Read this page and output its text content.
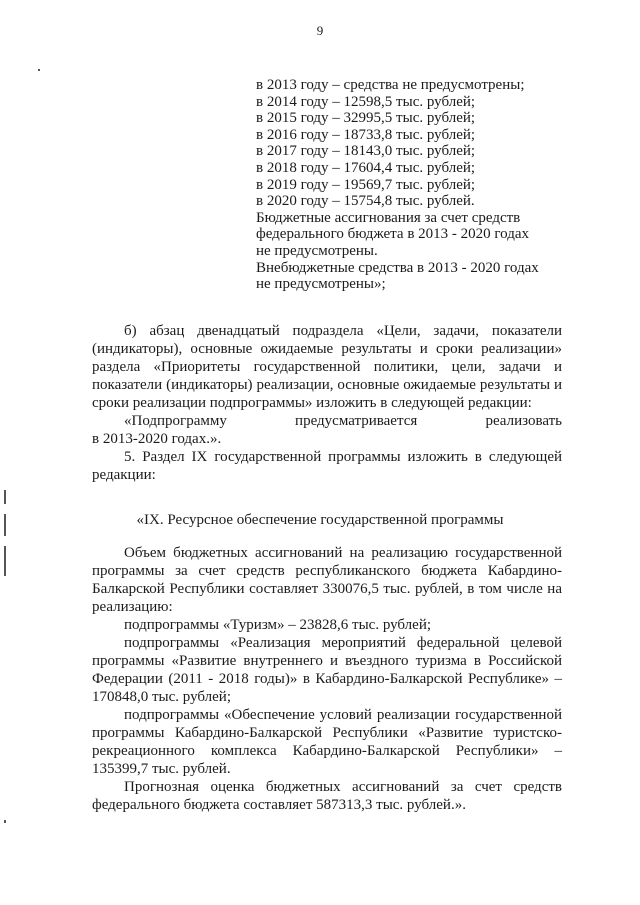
9
в 2013 году – средства не предусмотрены;
в 2014 году – 12598,5 тыс. рублей;
в 2015 году – 32995,5 тыс. рублей;
в 2016 году – 18733,8 тыс. рублей;
в 2017 году – 18143,0 тыс. рублей;
в 2018 году – 17604,4 тыс. рублей;
в 2019 году – 19569,7 тыс. рублей;
в 2020 году – 15754,8 тыс. рублей.
Бюджетные ассигнования за счет средств
федерального бюджета в 2013 - 2020 годах
не предусмотрены.
Внебюджетные средства в 2013 - 2020 годах
не предусмотрены»;

б) абзац двенадцатый подраздела «Цели, задачи, показатели (индикаторы), основные ожидаемые результаты и сроки реализации» раздела «Приоритеты государственной политики, цели, задачи и показатели (индикаторы) реализации, основные ожидаемые результаты и сроки реализации подпрограммы» изложить в следующей редакции:

«Подпрограмму предусматривается реализовать

в 2013-2020 годах.».

5. Раздел IX государственной программы изложить в следующей редакции:

«IX. Ресурсное обеспечение государственной программы

Объем бюджетных ассигнований на реализацию государственной программы за счет средств республиканского бюджета Кабардино-Балкарской Республики составляет 330076,5 тыс. рублей, в том числе на реализацию:

подпрограммы «Туризм» – 23828,6 тыс. рублей;

подпрограммы «Реализация мероприятий федеральной целевой программы «Развитие внутреннего и въездного туризма в Российской Федерации (2011 - 2018 годы)» в Кабардино-Балкарской Республике» – 170848,0 тыс. рублей;

подпрограммы «Обеспечение условий реализации государственной программы Кабардино-Балкарской Республики «Развитие туристско-рекреационного комплекса Кабардино-Балкарской Республики» – 135399,7 тыс. рублей.

Прогнозная оценка бюджетных ассигнований за счет средств федерального бюджета составляет 587313,3 тыс. рублей.».
